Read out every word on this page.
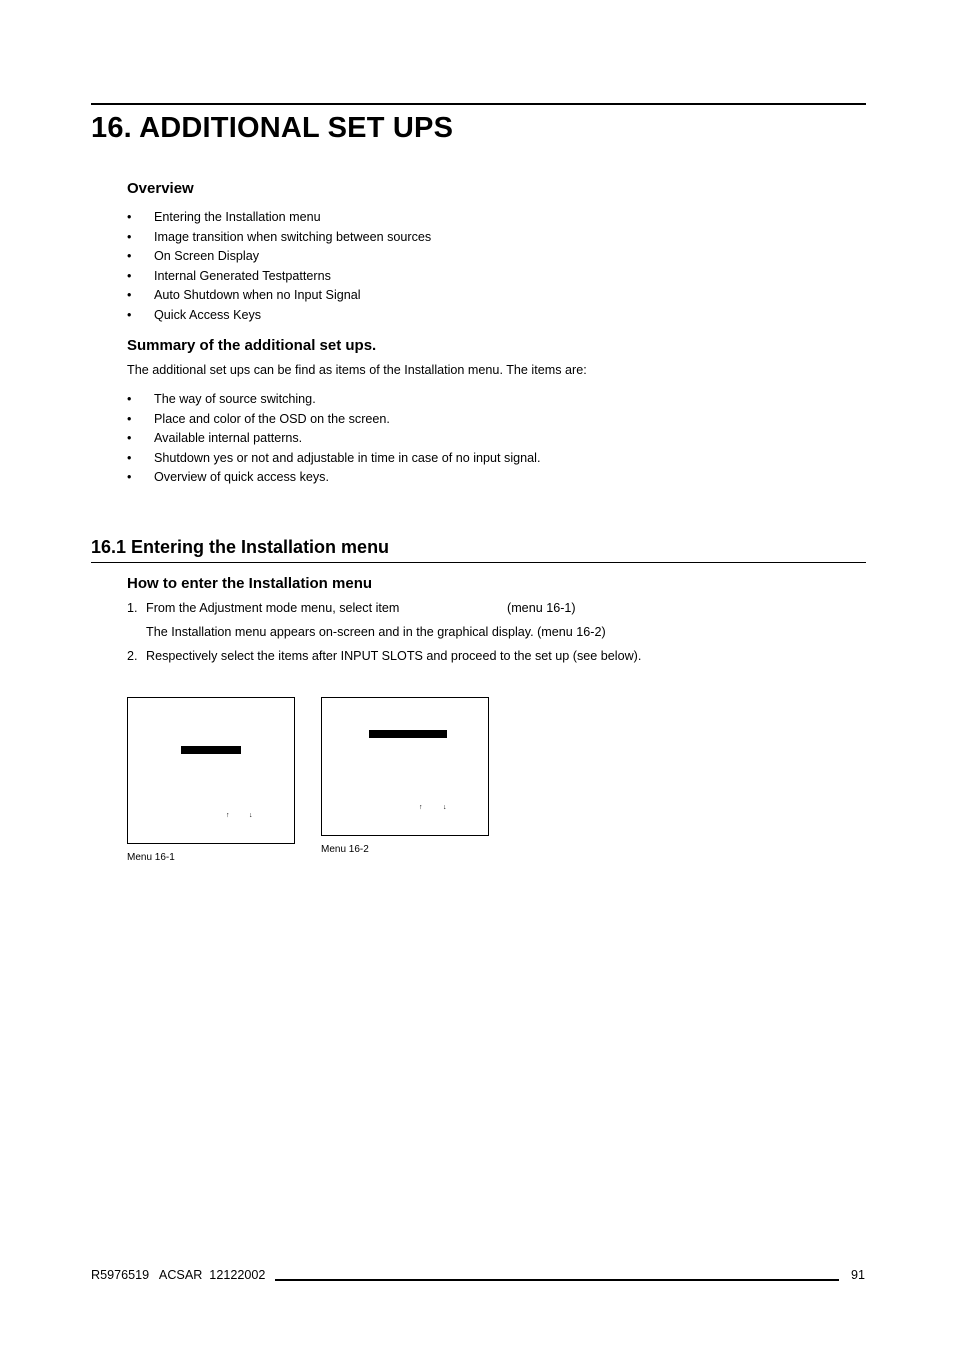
16. ADDITIONAL SET UPS
Overview
• Entering the Installation menu
• Image transition when switching between sources
• On Screen Display
• Internal Generated Testpatterns
• Auto Shutdown when no Input Signal
• Quick Access Keys
Summary of the additional set ups.
The additional set ups can be find as items of the Installation menu. The items are:
• The way of source switching.
• Place and color of the OSD on the screen.
• Available internal patterns.
• Shutdown yes or not and adjustable in time in case of no input signal.
• Overview of quick access keys.
16.1 Entering the Installation menu
How to enter the Installation menu
1. From the Adjustment mode menu, select item	(menu 16-1)
The Installation menu appears on-screen and in the graphical display. (menu 16-2)
2. Respectively select the items after INPUT SLOTS and proceed to the set up (see below).
↑	↓
Menu 16-1
↑	↓
Menu 16-2
R5976519   ACSAR  12122002	91
